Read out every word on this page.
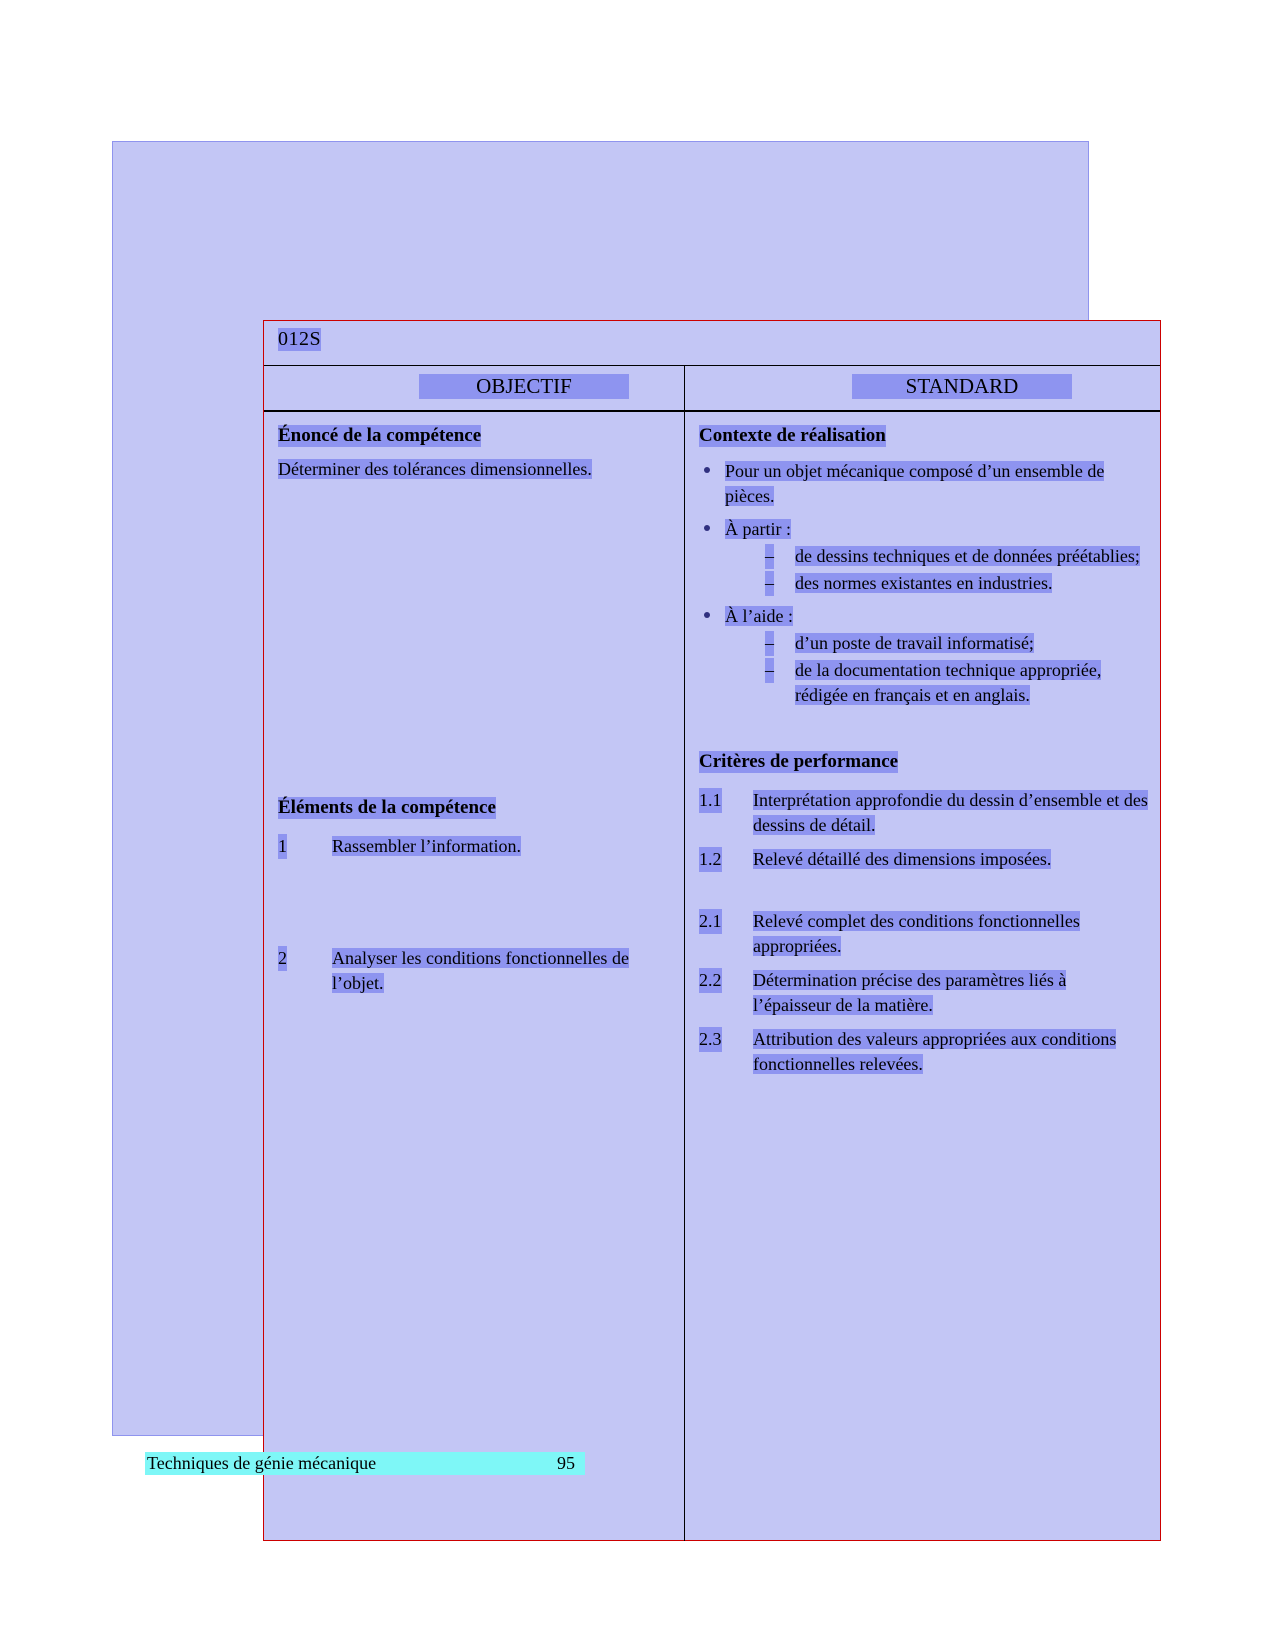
012S
OBJECTIF	STANDARD
Énoncé de la compétence
Déterminer des tolérances dimensionnelles.
Éléments de la compétence
1	Rassembler l’information.
2	Analyser les conditions fonctionnelles de l’objet.
Contexte de réalisation
Pour un objet mécanique composé d’un ensemble de pièces.
À partir :
– de dessins techniques et de données préétablies;
– des normes existantes en industries.
À l’aide :
– d’un poste de travail informatisé;
– de la documentation technique appropriée, rédigée en français et en anglais.
Critères de performance
1.1 Interprétation approfondie du dessin d’ensemble et des dessins de détail.
1.2 Relevé détaillé des dimensions imposées.
2.1 Relevé complet des conditions fonctionnelles appropriées.
2.2 Détermination précise des paramètres liés à l’épaisseur de la matière.
2.3 Attribution des valeurs appropriées aux conditions fonctionnelles relevées.
Techniques de génie mécanique	95
